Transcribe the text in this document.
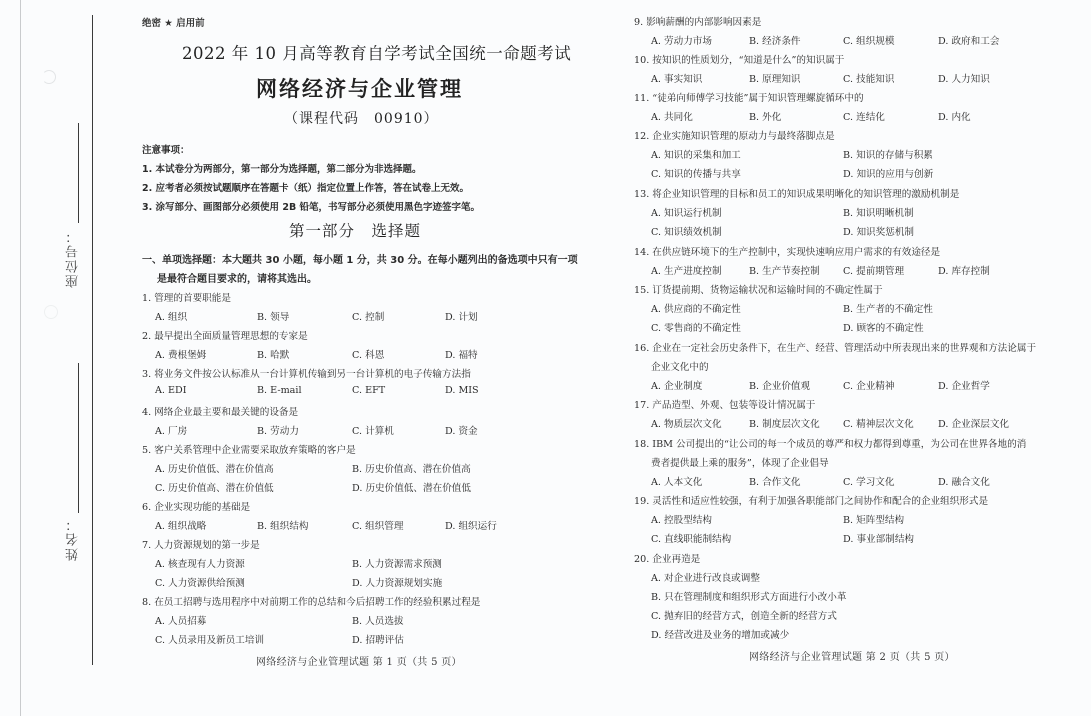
座位号：
姓名：
绝密 ★ 启用前
2022 年 10 月高等教育自学考试全国统一命题考试
网络经济与企业管理
（课程代码　00910）
注意事项：
1. 本试卷分为两部分，第一部分为选择题，第二部分为非选择题。
2. 应考者必须按试题顺序在答题卡（纸）指定位置上作答，答在试卷上无效。
3. 涂写部分、画图部分必须使用 2B 铅笔，书写部分必须使用黑色字迹签字笔。
第一部分　选择题
一、单项选择题：本大题共 30 小题，每小题 1 分，共 30 分。在每小题列出的备选项中只有一项
是最符合题目要求的，请将其选出。
1. 管理的首要职能是
A. 组织	B. 领导	C. 控制	D. 计划
2. 最早提出全面质量管理思想的专家是
A. 费根堡姆	B. 哈默	C. 科恩	D. 福特
3. 将业务文件按公认标准从一台计算机传输到另一台计算机的电子传输方法指
A. EDI	B. E-mail	C. EFT	D. MIS
4. 网络企业最主要和最关键的设备是
A. 厂房	B. 劳动力	C. 计算机	D. 资金
5. 客户关系管理中企业需要采取放弃策略的客户是
A. 历史价值低、潜在价值高	B. 历史价值高、潜在价值高
C. 历史价值高、潜在价值低	D. 历史价值低、潜在价值低
6. 企业实现功能的基础是
A. 组织战略	B. 组织结构	C. 组织管理	D. 组织运行
7. 人力资源规划的第一步是
A. 核查现有人力资源	B. 人力资源需求预测
C. 人力资源供给预测	D. 人力资源规划实施
8. 在员工招聘与选用程序中对前期工作的总结和今后招聘工作的经验积累过程是
A. 人员招募	B. 人员选拔
C. 人员录用及新员工培训	D. 招聘评估
网络经济与企业管理试题 第 1 页（共 5 页）
9. 影响薪酬的内部影响因素是
A. 劳动力市场	B. 经济条件	C. 组织规模	D. 政府和工会
10. 按知识的性质划分，“知道是什么”的知识属于
A. 事实知识	B. 原理知识	C. 技能知识	D. 人力知识
11. “徒弟向师傅学习技能”属于知识管理螺旋循环中的
A. 共同化	B. 外化	C. 连结化	D. 内化
12. 企业实施知识管理的原动力与最终落脚点是
A. 知识的采集和加工	B. 知识的存储与积累
C. 知识的传播与共享	D. 知识的应用与创新
13. 将企业知识管理的目标和员工的知识成果明晰化的知识管理的激励机制是
A. 知识运行机制	B. 知识明晰机制
C. 知识绩效机制	D. 知识奖惩机制
14. 在供应链环境下的生产控制中，实现快速响应用户需求的有效途径是
A. 生产进度控制	B. 生产节奏控制 C. 提前期管理	D. 库存控制
15. 订货提前期、货物运输状况和运输时间的不确定性属于
A. 供应商的不确定性	B. 生产者的不确定性
C. 零售商的不确定性	D. 顾客的不确定性
16. 企业在一定社会历史条件下，在生产、经营、管理活动中所表现出来的世界观和方法论属于
企业文化中的
A. 企业制度	B. 企业价值观	C. 企业精神	D. 企业哲学
17. 产品造型、外观、包装等设计情况属于
A. 物质层次文化	B. 制度层次文化 C. 精神层次文化	D. 企业深层文化
18. IBM 公司提出的“让公司的每一个成员的尊严和权力都得到尊重，为公司在世界各地的消
费者提供最上乘的服务”，体现了企业倡导
A. 人本文化	B. 合作文化	C. 学习文化	D. 融合文化
19. 灵活性和适应性较强，有利于加强各职能部门之间协作和配合的企业组织形式是
A. 控股型结构	B. 矩阵型结构
C. 直线职能制结构	D. 事业部制结构
20. 企业再造是
A. 对企业进行改良或调整
B. 只在管理制度和组织形式方面进行小改小革
C. 抛弃旧的经营方式，创造全新的经营方式
D. 经营改进及业务的增加或减少
网络经济与企业管理试题 第 2 页（共 5 页）
